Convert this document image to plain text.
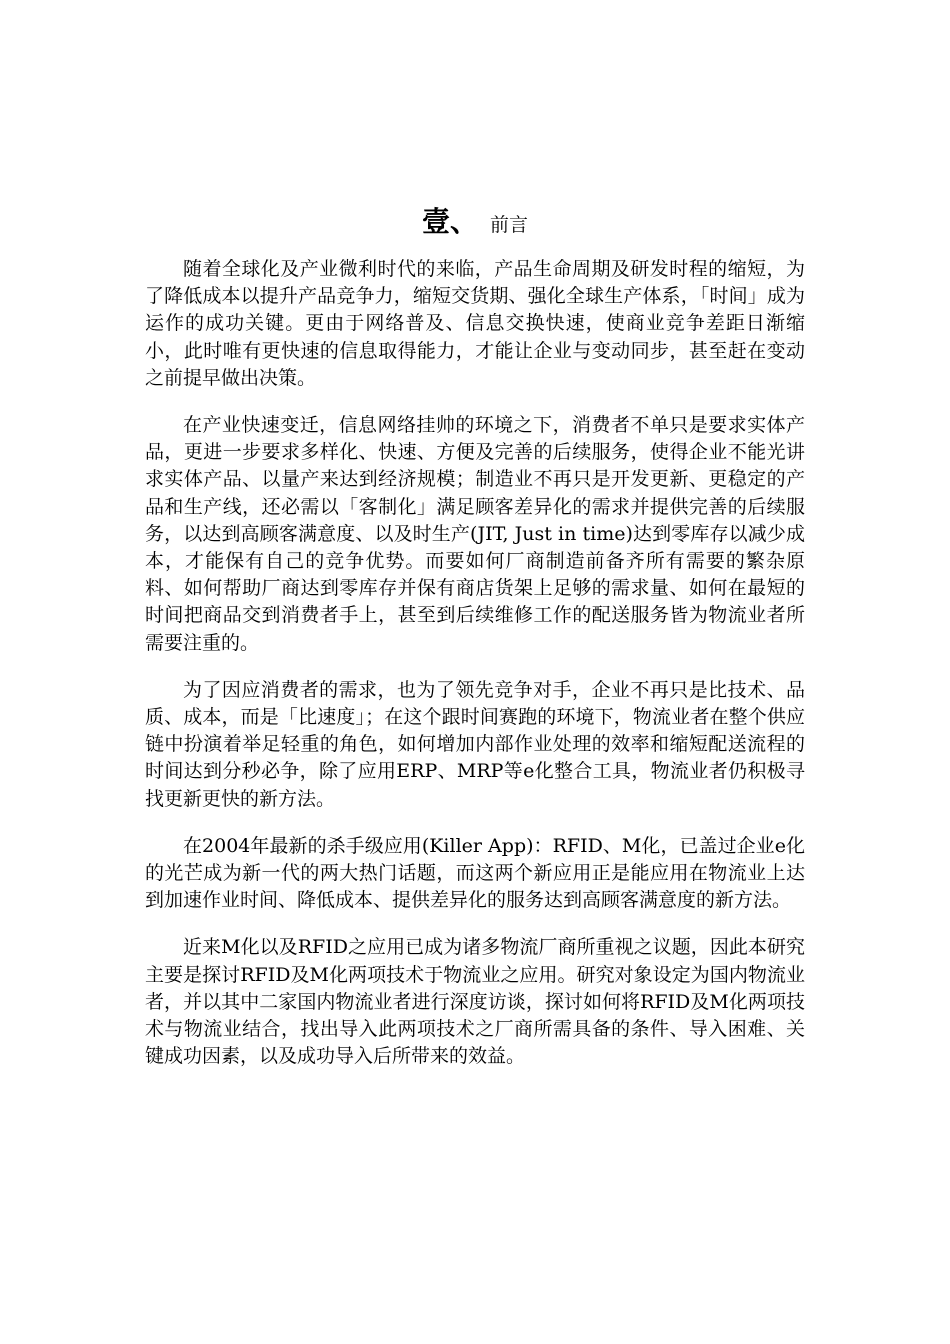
壹、 前言

随着全球化及产业微利时代的来临，产品生命周期及研发时程的缩短，为了降低成本以提升产品竞争力，缩短交货期、强化全球生产体系，「时间」成为运作的成功关键。更由于网络普及、信息交换快速，使商业竞争差距日渐缩小，此时唯有更快速的信息取得能力，才能让企业与变动同步，甚至赶在变动之前提早做出决策。

在产业快速变迁，信息网络挂帅的环境之下，消费者不单只是要求实体产品，更进一步要求多样化、快速、方便及完善的后续服务，使得企业不能光讲求实体产品、以量产来达到经济规模；制造业不再只是开发更新、更稳定的产品和生产线，还必需以「客制化」满足顾客差异化的需求并提供完善的后续服务，以达到高顾客满意度、以及时生产(JIT, Just in time)达到零库存以减少成本，才能保有自己的竞争优势。而要如何厂商制造前备齐所有需要的繁杂原料、如何帮助厂商达到零库存并保有商店货架上足够的需求量、如何在最短的时间把商品交到消费者手上，甚至到后续维修工作的配送服务皆为物流业者所需要注重的。

为了因应消费者的需求，也为了领先竞争对手，企业不再只是比技术、品质、成本，而是「比速度」；在这个跟时间赛跑的环境下，物流业者在整个供应链中扮演着举足轻重的角色，如何增加内部作业处理的效率和缩短配送流程的时间达到分秒必争，除了应用ERP、MRP等e化整合工具，物流业者仍积极寻找更新更快的新方法。

在2004年最新的杀手级应用(Killer App)：RFID、M化，已盖过企业e化的光芒成为新一代的两大热门话题，而这两个新应用正是能应用在物流业上达到加速作业时间、降低成本、提供差异化的服务达到高顾客满意度的新方法。

近来M化以及RFID之应用已成为诸多物流厂商所重视之议题，因此本研究主要是探讨RFID及M化两项技术于物流业之应用。研究对象设定为国内物流业者，并以其中二家国内物流业者进行深度访谈，探讨如何将RFID及M化两项技术与物流业结合，找出导入此两项技术之厂商所需具备的条件、导入困难、关键成功因素，以及成功导入后所带来的效益。
